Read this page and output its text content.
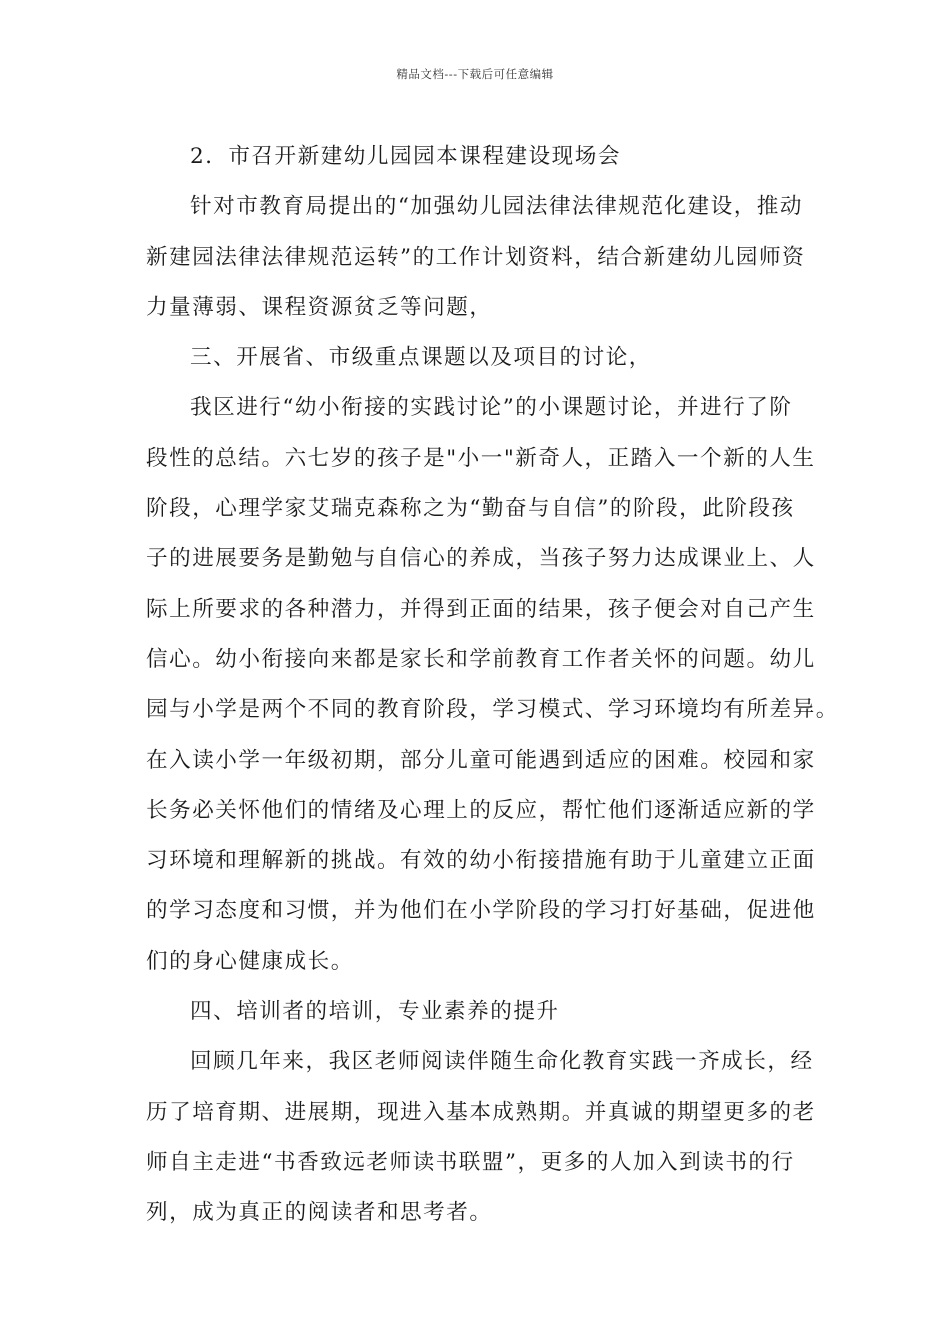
精品文档---下载后可任意编辑
2．市召开新建幼儿园园本课程建设现场会
针对市教育局提出的“加强幼儿园法律法律规范化建设，推动
新建园法律法律规范运转”的工作计划资料，结合新建幼儿园师资
力量薄弱、课程资源贫乏等问题，
三、开展省、市级重点课题以及项目的讨论，
我区进行“幼小衔接的实践讨论”的小课题讨论，并进行了阶
段性的总结。六七岁的孩子是"小一"新奇人，正踏入一个新的人生
阶段，心理学家艾瑞克森称之为“勤奋与自信”的阶段，此阶段孩
子的进展要务是勤勉与自信心的养成，当孩子努力达成课业上、人
际上所要求的各种潜力，并得到正面的结果，孩子便会对自己产生
信心。幼小衔接向来都是家长和学前教育工作者关怀的问题。幼儿
园与小学是两个不同的教育阶段，学习模式、学习环境均有所差异。
在入读小学一年级初期，部分儿童可能遇到适应的困难。校园和家
长务必关怀他们的情绪及心理上的反应，帮忙他们逐渐适应新的学
习环境和理解新的挑战。有效的幼小衔接措施有助于儿童建立正面
的学习态度和习惯，并为他们在小学阶段的学习打好基础，促进他
们的身心健康成长。
四、培训者的培训，专业素养的提升
回顾几年来，我区老师阅读伴随生命化教育实践一齐成长，经
历了培育期、进展期，现进入基本成熟期。并真诚的期望更多的老
师自主走进“书香致远老师读书联盟”，更多的人加入到读书的行
列，成为真正的阅读者和思考者。
